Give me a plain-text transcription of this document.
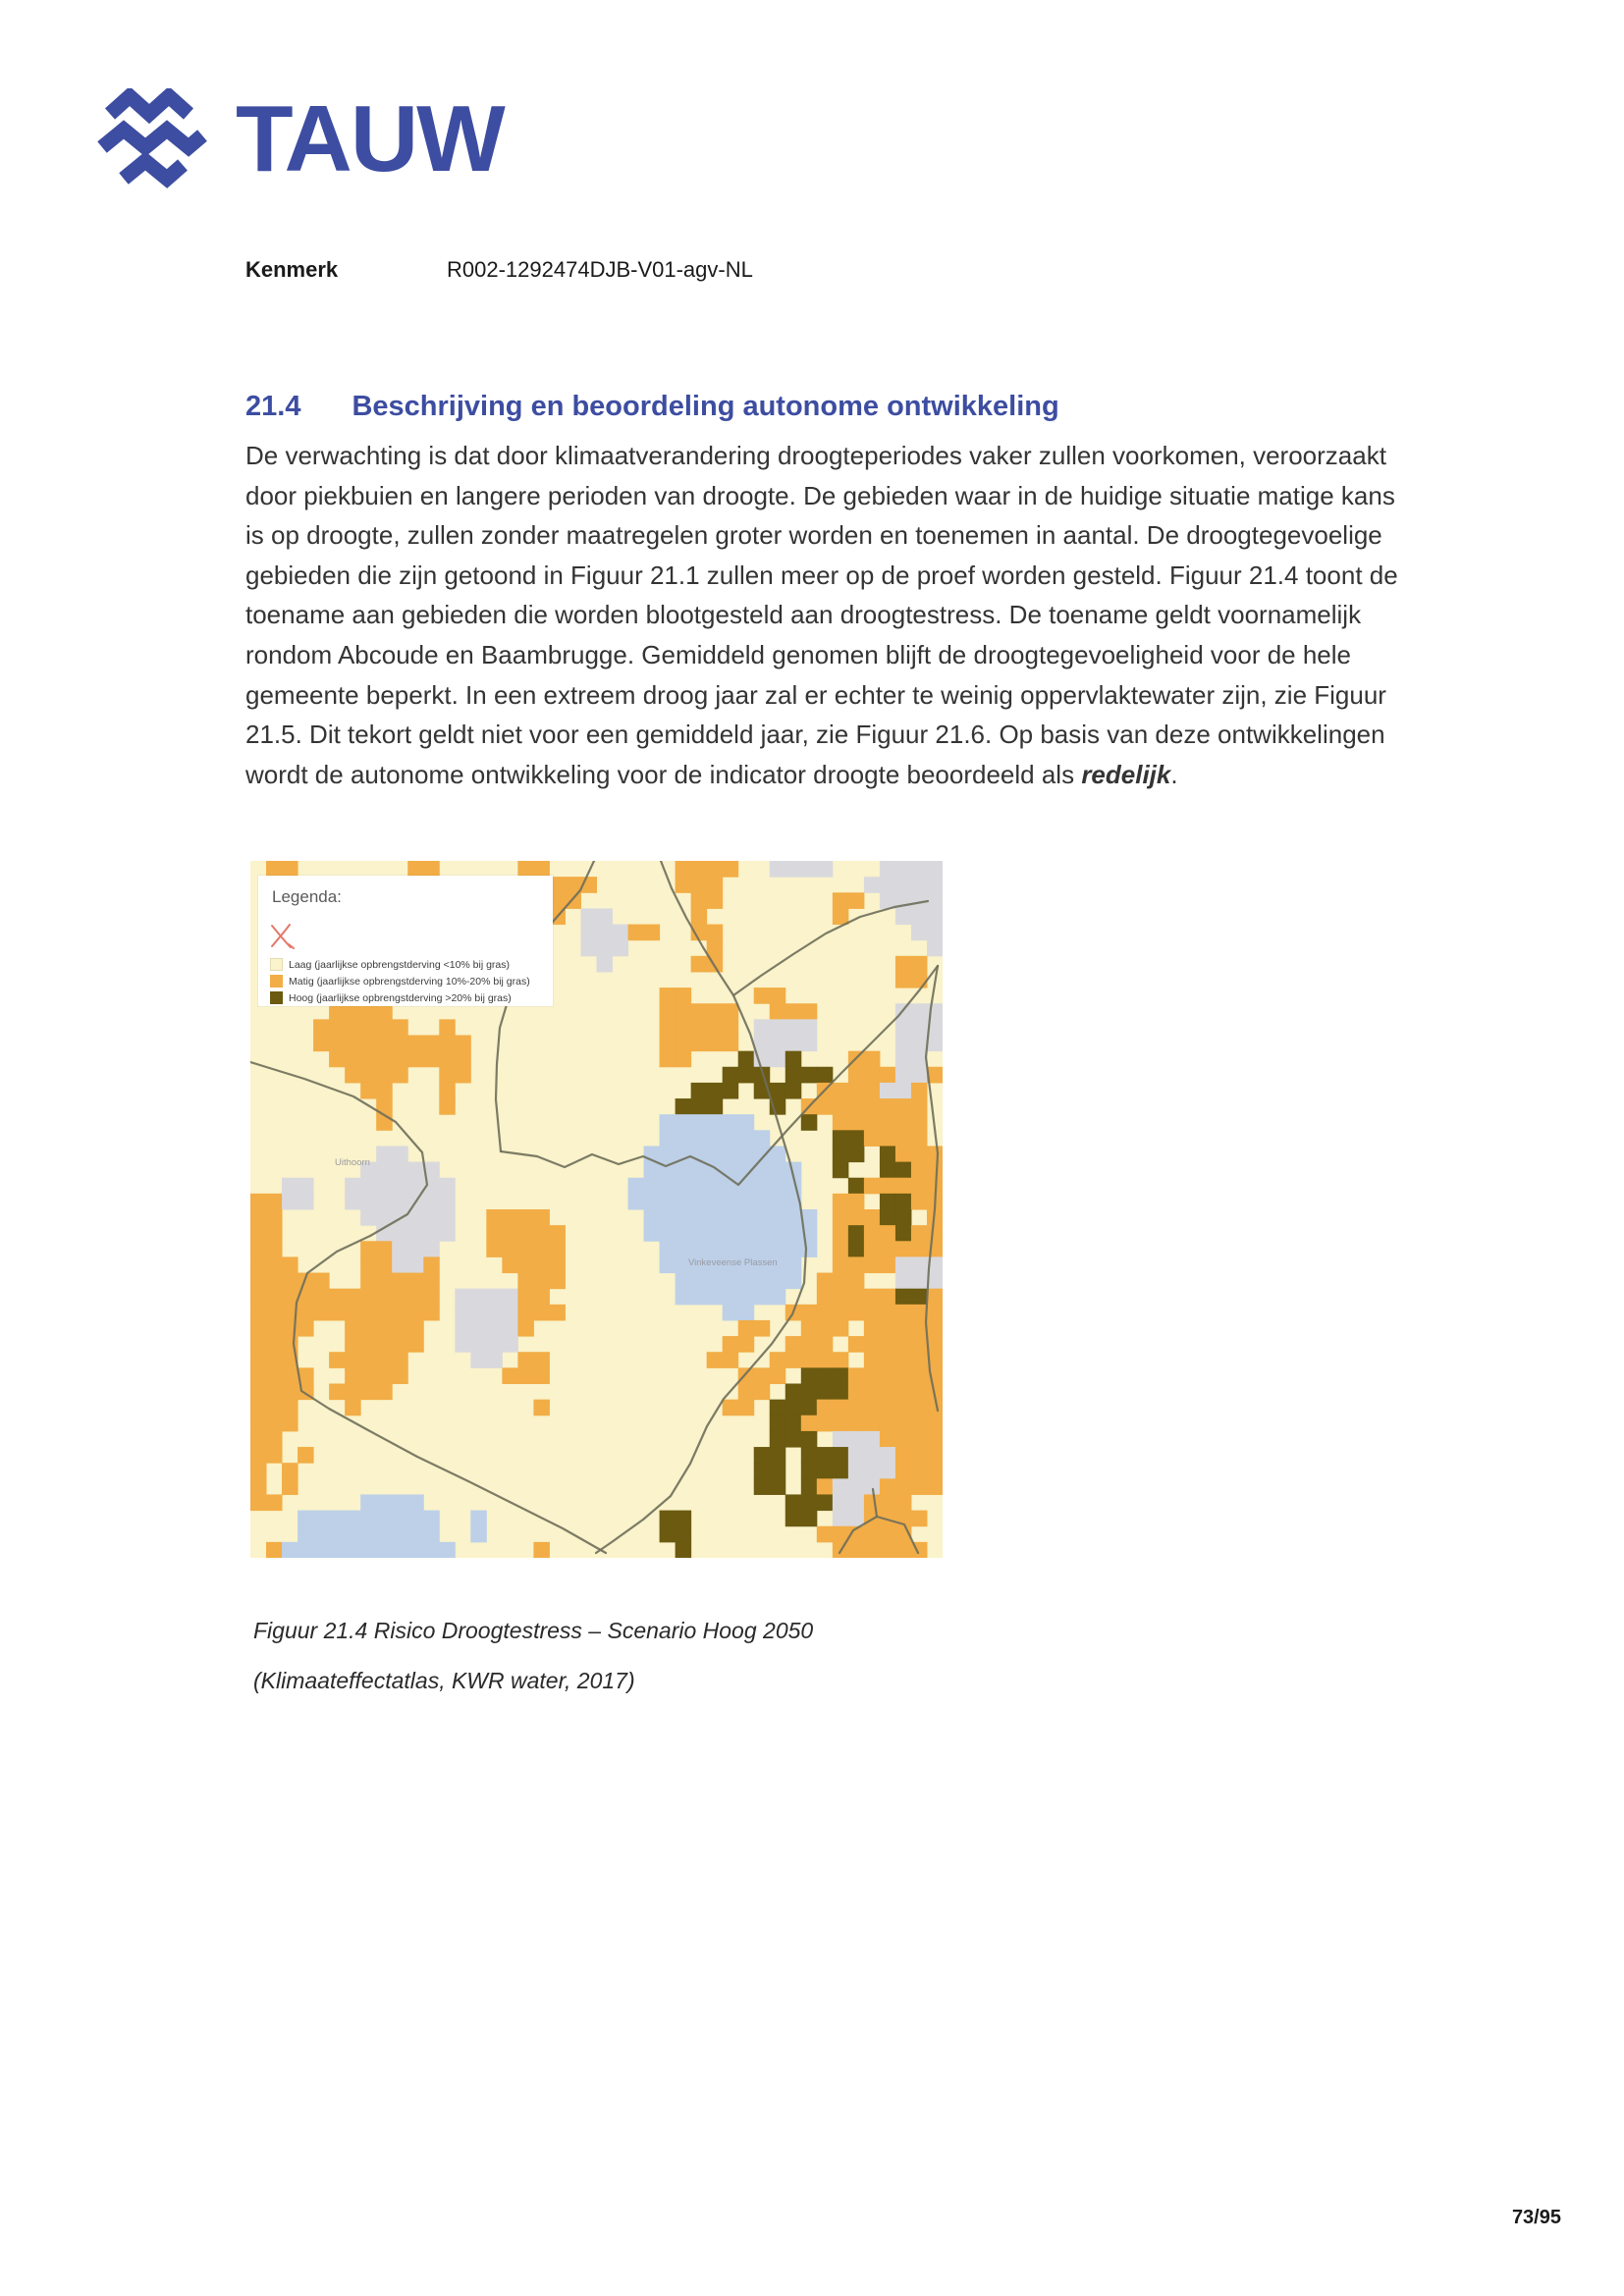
TAUW
Kenmerk	R002-1292474DJB-V01-agv-NL
21.4 Beschrijving en beoordeling autonome ontwikkeling
De verwachting is dat door klimaatverandering droogteperiodes vaker zullen voorkomen, veroorzaakt door piekbuien en langere perioden van droogte. De gebieden waar in de huidige situatie matige kans is op droogte, zullen zonder maatregelen groter worden en toenemen in aantal. De droogtegevoelige gebieden die zijn getoond in Figuur 21.1 zullen meer op de proef worden gesteld. Figuur 21.4 toont de toename aan gebieden die worden blootgesteld aan droogtestress. De toename geldt voornamelijk rondom Abcoude en Baambrugge. Gemiddeld genomen blijft de droogtegevoeligheid voor de hele gemeente beperkt. In een extreem droog jaar zal er echter te weinig oppervlaktewater zijn, zie Figuur 21.5. Dit tekort geldt niet voor een gemiddeld jaar, zie Figuur 21.6. Op basis van deze ontwikkelingen wordt de autonome ontwikkeling voor de indicator droogte beoordeeld als redelijk.
Uithoorn
Vinkeveense Plassen
Legenda:
Laag (jaarlijkse opbrengstderving <10% bij gras)
Matig (jaarlijkse opbrengstderving 10%-20% bij gras)
Hoog (jaarlijkse opbrengstderving >20% bij gras)
Figuur 21.4 Risico Droogtestress – Scenario Hoog 2050
(Klimaateffectatlas, KWR water, 2017)
73/95
